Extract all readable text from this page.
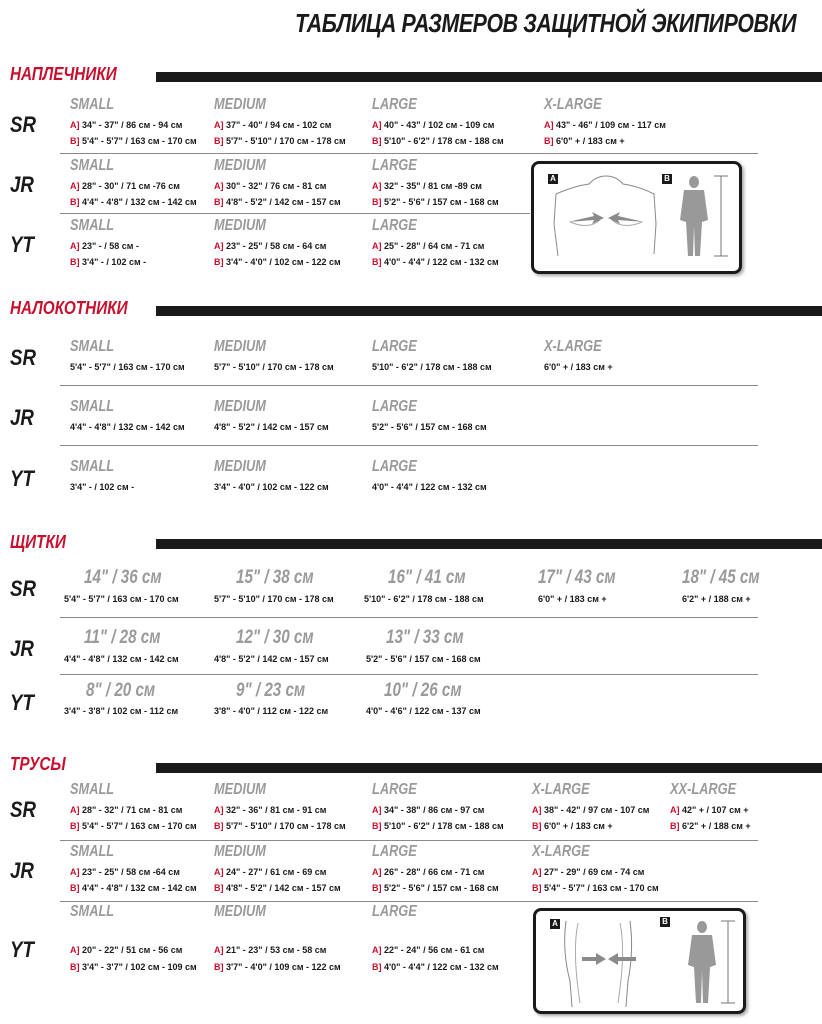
ТАБЛИЦА РАЗМЕРОВ ЗАЩИТНОЙ ЭКИПИРОВКИ
НАПЛЕЧНИКИ
SR
SMALL
A] 34" - 37" / 86 см - 94 см
B] 5'4" - 5'7" / 163 см - 170 см
MEDIUM
A] 37" - 40" / 94 см - 102 см
B] 5'7" - 5'10" / 170 см - 178 см
LARGE
A] 40" - 43" / 102 см - 109 см
B] 5'10" - 6'2" / 178 см - 188 см
X-LARGE
A] 43" - 46" / 109 см - 117 см
B] 6'0" + / 183 см +
JR
SMALL
A] 28" - 30" / 71 см -76 см
B] 4'4" - 4'8" / 132 см - 142 см
MEDIUM
A] 30" - 32" / 76 см - 81 см
B] 4'8" - 5'2" / 142 см - 157 см
LARGE
A] 32" - 35" / 81 см -89 см
B] 5'2" - 5'6" / 157 см - 168 см
YT
SMALL
A] 23" - / 58 см -
B] 3'4" - / 102 см -
MEDIUM
A] 23" - 25" / 58 см - 64 см
B] 3'4" - 4'0" / 102 см - 122 см
LARGE
A] 25" - 28" / 64 см - 71 см
B] 4'0" - 4'4" / 122 см - 132 см
A	B
НАЛОКОТНИКИ
SR SMALL
5'4" - 5'7" / 163 см - 170 см
MEDIUM
5'7" - 5'10" / 170 см - 178 см
LARGE
5'10" - 6'2" / 178 см - 188 см
X-LARGE
6'0" + / 183 см +
JR SMALL
4'4" - 4'8" / 132 см - 142 см
MEDIUM
4'8" - 5'2" / 142 см - 157 см
LARGE
5'2" - 5'6" / 157 см - 168 см
YT SMALL
3'4" - / 102 см -
MEDIUM
3'4" - 4'0" / 102 см - 122 см
LARGE
4'0" - 4'4" / 122 см - 132 см
ЩИТКИ
SR	14" / 36 см
5'4" - 5'7" / 163 см - 170 см
15" / 38 см
5'7" - 5'10" / 170 см - 178 см
16" / 41 см
5'10" - 6'2" / 178 см - 188 см
17" / 43 см
6'0" + / 183 см +
18" / 45 см
6'2" + / 188 см +
JR	11" / 28 см
4'4" - 4'8" / 132 см - 142 см
12" / 30 см
4'8" - 5'2" / 142 см - 157 см
13" / 33 см
5'2" - 5'6" / 157 см - 168 см
YT	8" / 20 см
3'4" - 3'8" / 102 см - 112 см
9" / 23 см
3'8" - 4'0" / 112 см - 122 см
10" / 26 см
4'0" - 4'6" / 122 см - 137 см
ТРУСЫ
SR
SMALL
A] 28" - 32" / 71 см - 81 см
B] 5'4" - 5'7" / 163 см - 170 см
MEDIUM
A] 32" - 36" / 81 см - 91 см
B] 5'7" - 5'10" / 170 см - 178 см
LARGE
A] 34" - 38" / 86 см - 97 см
B] 5'10" - 6'2" / 178 см - 188 см
X-LARGE
A] 38" - 42" / 97 см - 107 см
B] 6'0" + / 183 см +
XX-LARGE
A] 42" + / 107 см +
B] 6'2" + / 188 см +
JR
SMALL
A] 23" - 25" / 58 см -64 см
B] 4'4" - 4'8" / 132 см - 142 см
MEDIUM
A] 24" - 27" / 61 см - 69 см
B] 4'8" - 5'2" / 142 см - 157 см
LARGE
A] 26" - 28" / 66 см - 71 см
B] 5'2" - 5'6" / 157 см - 168 см
X-LARGE
A] 27" - 29" / 69 см - 74 см
B] 5'4" - 5'7" / 163 см - 170 см
YT
SMALL
A] 20" - 22" / 51 см - 56 см
B] 3'4" - 3'7" / 102 см - 109 см
MEDIUM
A] 21" - 23" / 53 см - 58 см
B] 3'7" - 4'0" / 109 см - 122 см
LARGE
A] 22" - 24" / 56 см - 61 см
B] 4'0" - 4'4" / 122 см - 132 см
A	B
